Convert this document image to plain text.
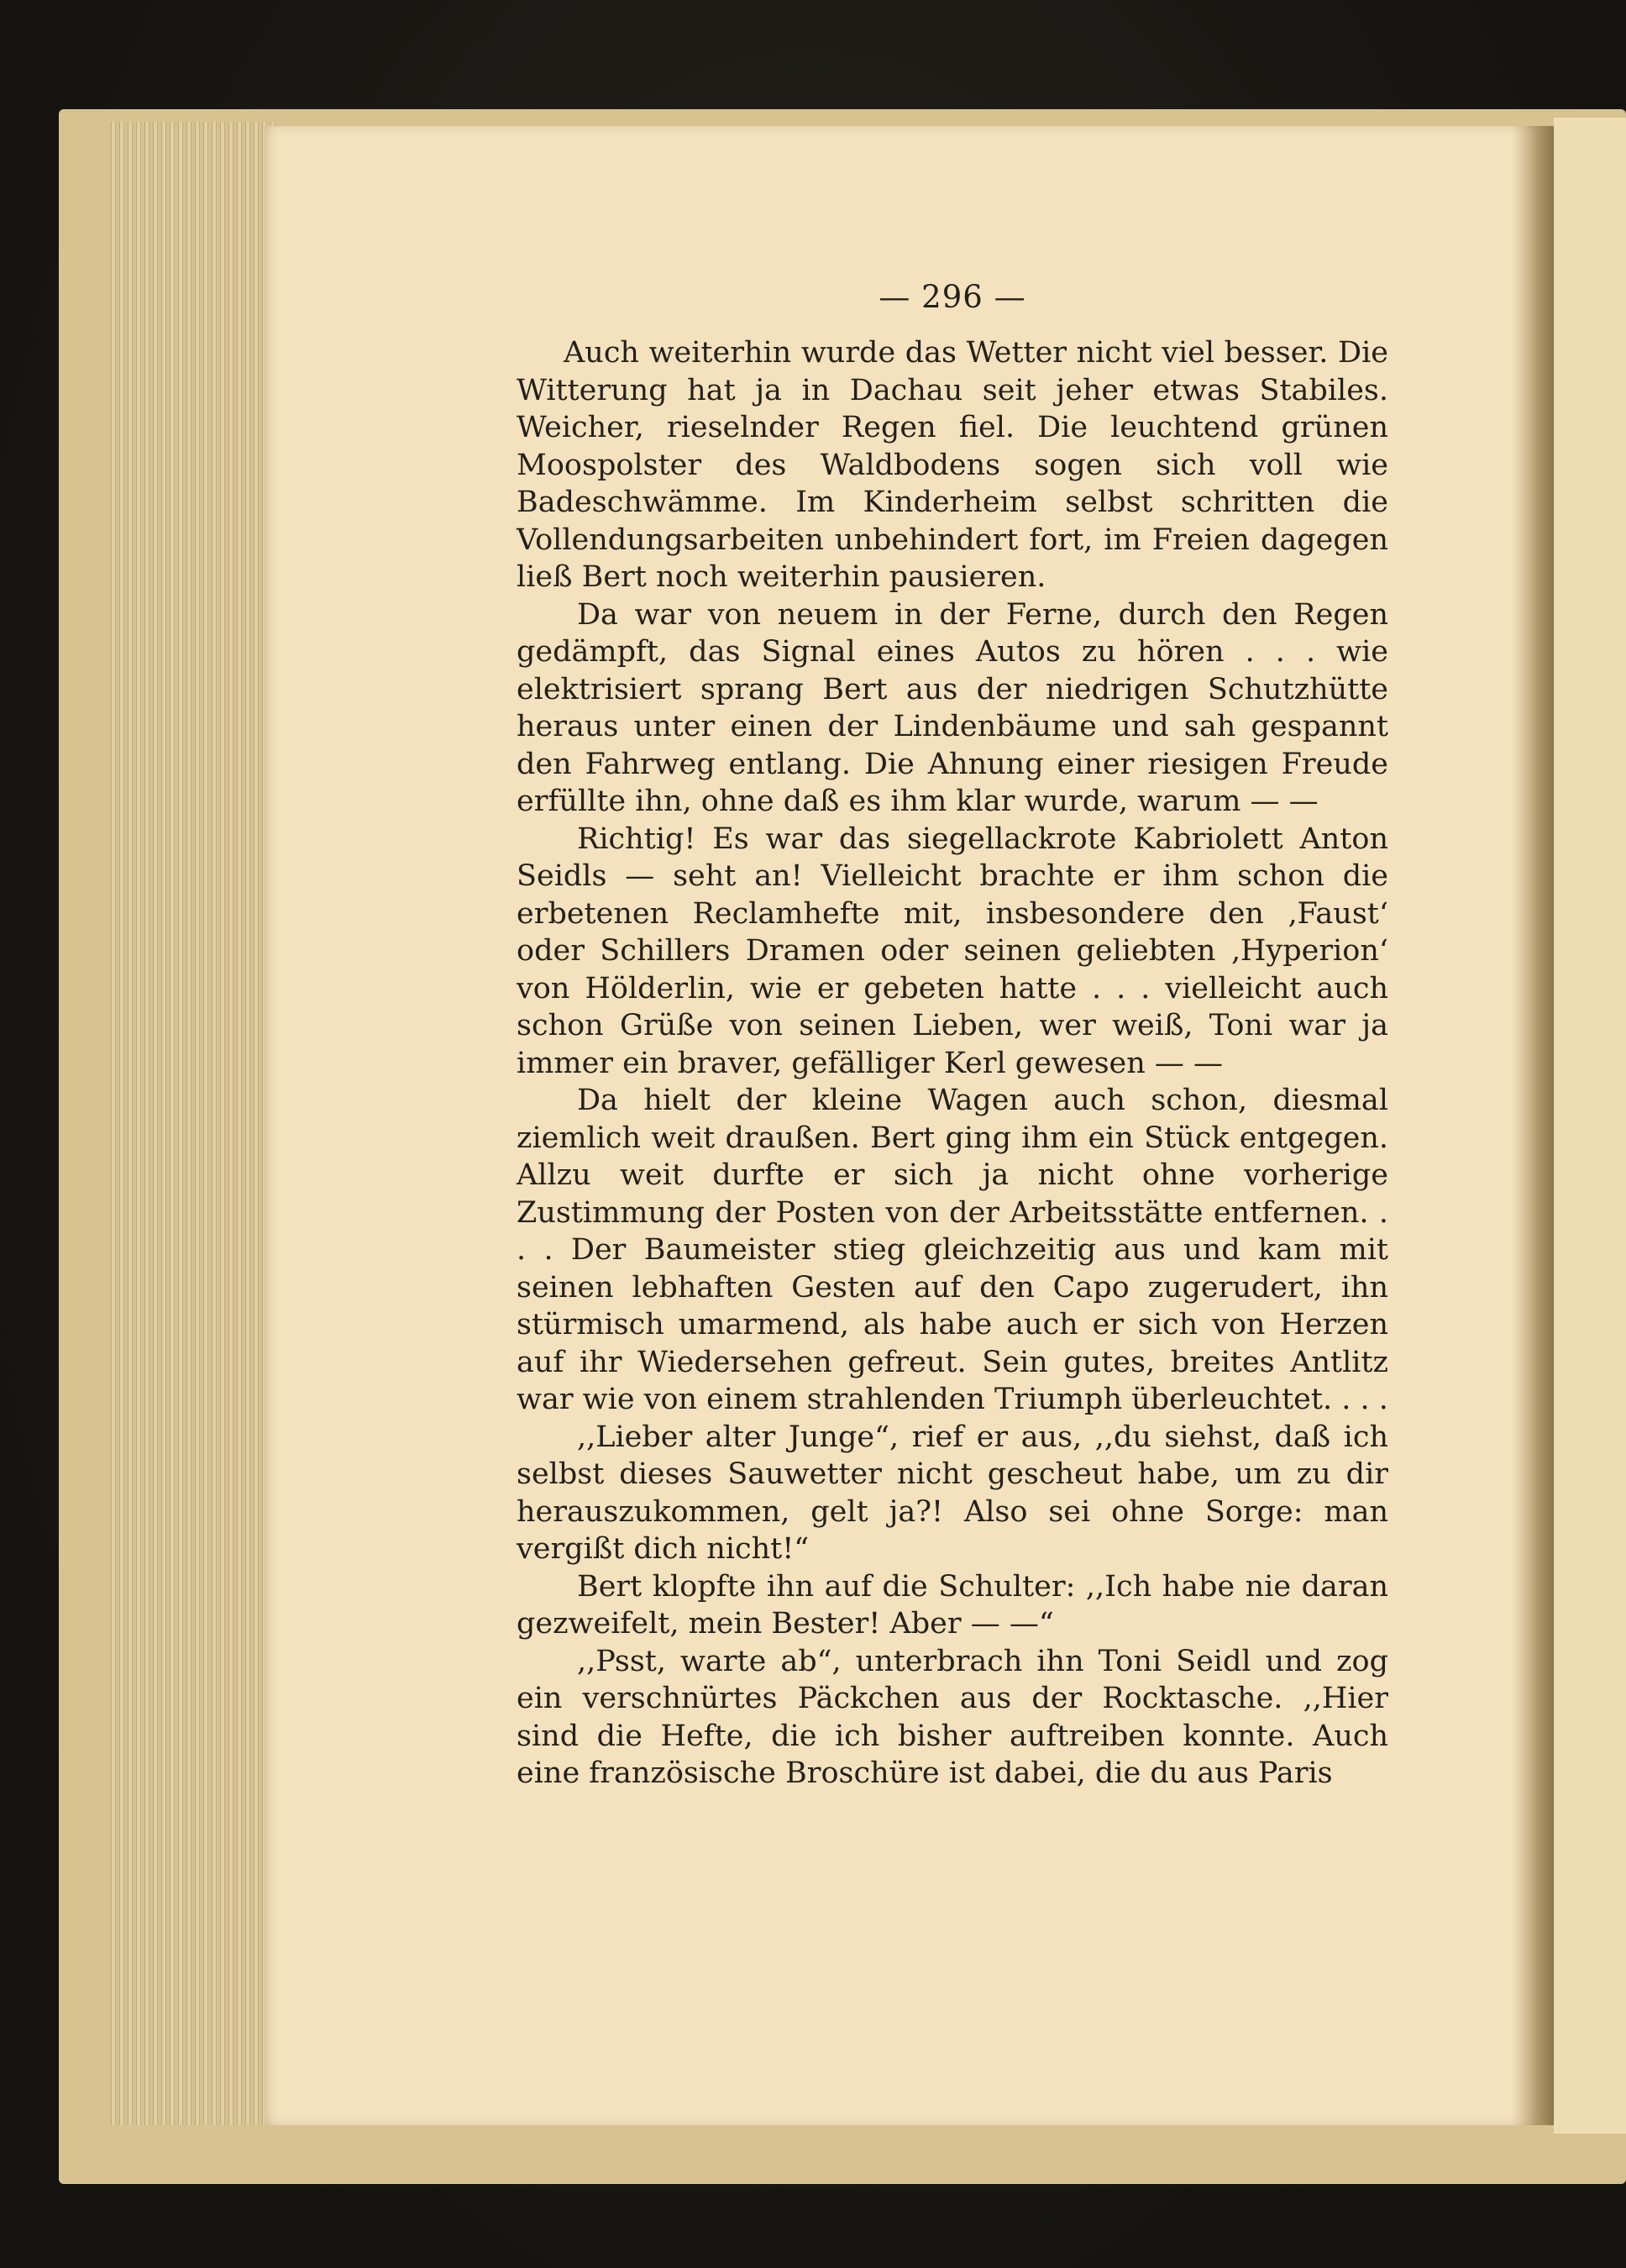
— 296 —

Auch weiterhin wurde das Wetter nicht viel besser. Die Witterung hat ja in Dachau seit jeher etwas Stabiles. Weicher, rieselnder Regen fiel. Die leuchtend grünen Moospolster des Waldbodens sogen sich voll wie Badeschwämme. Im Kinderheim selbst schritten die Vollendungsarbeiten unbehindert fort, im Freien dagegen ließ Bert noch weiterhin pausieren.

Da war von neuem in der Ferne, durch den Regen gedämpft, das Signal eines Autos zu hören . . . wie elektrisiert sprang Bert aus der niedrigen Schutzhütte heraus unter einen der Lindenbäume und sah gespannt den Fahrweg entlang. Die Ahnung einer riesigen Freude erfüllte ihn, ohne daß es ihm klar wurde, warum — —

Richtig! Es war das siegellackrote Kabriolett Anton Seidls — seht an! Vielleicht brachte er ihm schon die erbetenen Reclamhefte mit, insbesondere den ‚Faust‘ oder Schillers Dramen oder seinen geliebten ‚Hyperion‘ von Hölderlin, wie er gebeten hatte . . . vielleicht auch schon Grüße von seinen Lieben, wer weiß, Toni war ja immer ein braver, gefälliger Kerl gewesen — —

Da hielt der kleine Wagen auch schon, diesmal ziemlich weit draußen. Bert ging ihm ein Stück entgegen. Allzu weit durfte er sich ja nicht ohne vorherige Zustimmung der Posten von der Arbeitsstätte entfernen. . . . Der Baumeister stieg gleichzeitig aus und kam mit seinen lebhaften Gesten auf den Capo zugerudert, ihn stürmisch umarmend, als habe auch er sich von Herzen auf ihr Wiedersehen gefreut. Sein gutes, breites Antlitz war wie von einem strahlenden Triumph überleuchtet. . . .

,,Lieber alter Junge“, rief er aus, ,,du siehst, daß ich selbst dieses Sauwetter nicht gescheut habe, um zu dir herauszukommen, gelt ja?! Also sei ohne Sorge: man vergißt dich nicht!“

Bert klopfte ihn auf die Schulter: ,,Ich habe nie daran gezweifelt, mein Bester! Aber — —“

,,Psst, warte ab“, unterbrach ihn Toni Seidl und zog ein verschnürtes Päckchen aus der Rocktasche. ,,Hier sind die Hefte, die ich bisher auftreiben konnte. Auch eine französische Broschüre ist dabei, die du aus Paris
